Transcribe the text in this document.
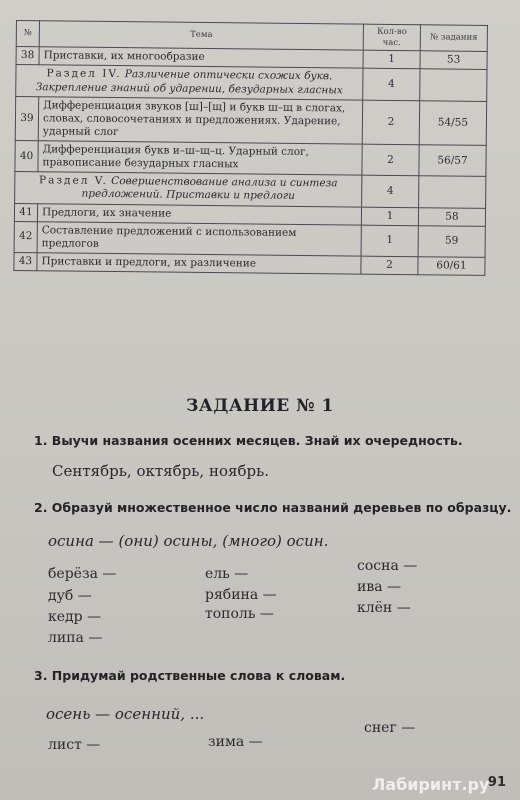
№	Тема	Кол-во час.	№ задания
38	Приставки, их многообразие	1	53
Раздел IV. Различение оптически схожих букв. Закрепление знаний об ударении, безударных гласных		4	
39	Дифференциация звуков [ш]–[щ] и букв ш–щ в слогах, словах, словосочетаниях и предложениях. Ударение, ударный слог	2	54/55
40	Дифференциация букв и–ш–щ–ц. Ударный слог, правописание безударных гласных	2	56/57
Раздел V. Совершенствование анализа и синтеза предложений. Приставки и предлоги		4	
41	Предлоги, их значение	1	58
42	Составление предложений с использованием предлогов	1	59
43	Приставки и предлоги, их различение	2	60/61
ЗАДАНИЕ № 1
1. Выучи названия осенних месяцев. Знай их очередность.
Сентябрь, октябрь, ноябрь.
2. Образуй множественное число названий деревьев по образцу.
осина — (они) осины, (много) осин.
берёза —
дуб —
кедр —
липа —
ель —
рябина —
тополь —
сосна —
ива —
клён —
3. Придумай родственные слова к словам.
осень — осенний, ...
лист —	зима —
снег —
Лабиринт.ру
91
